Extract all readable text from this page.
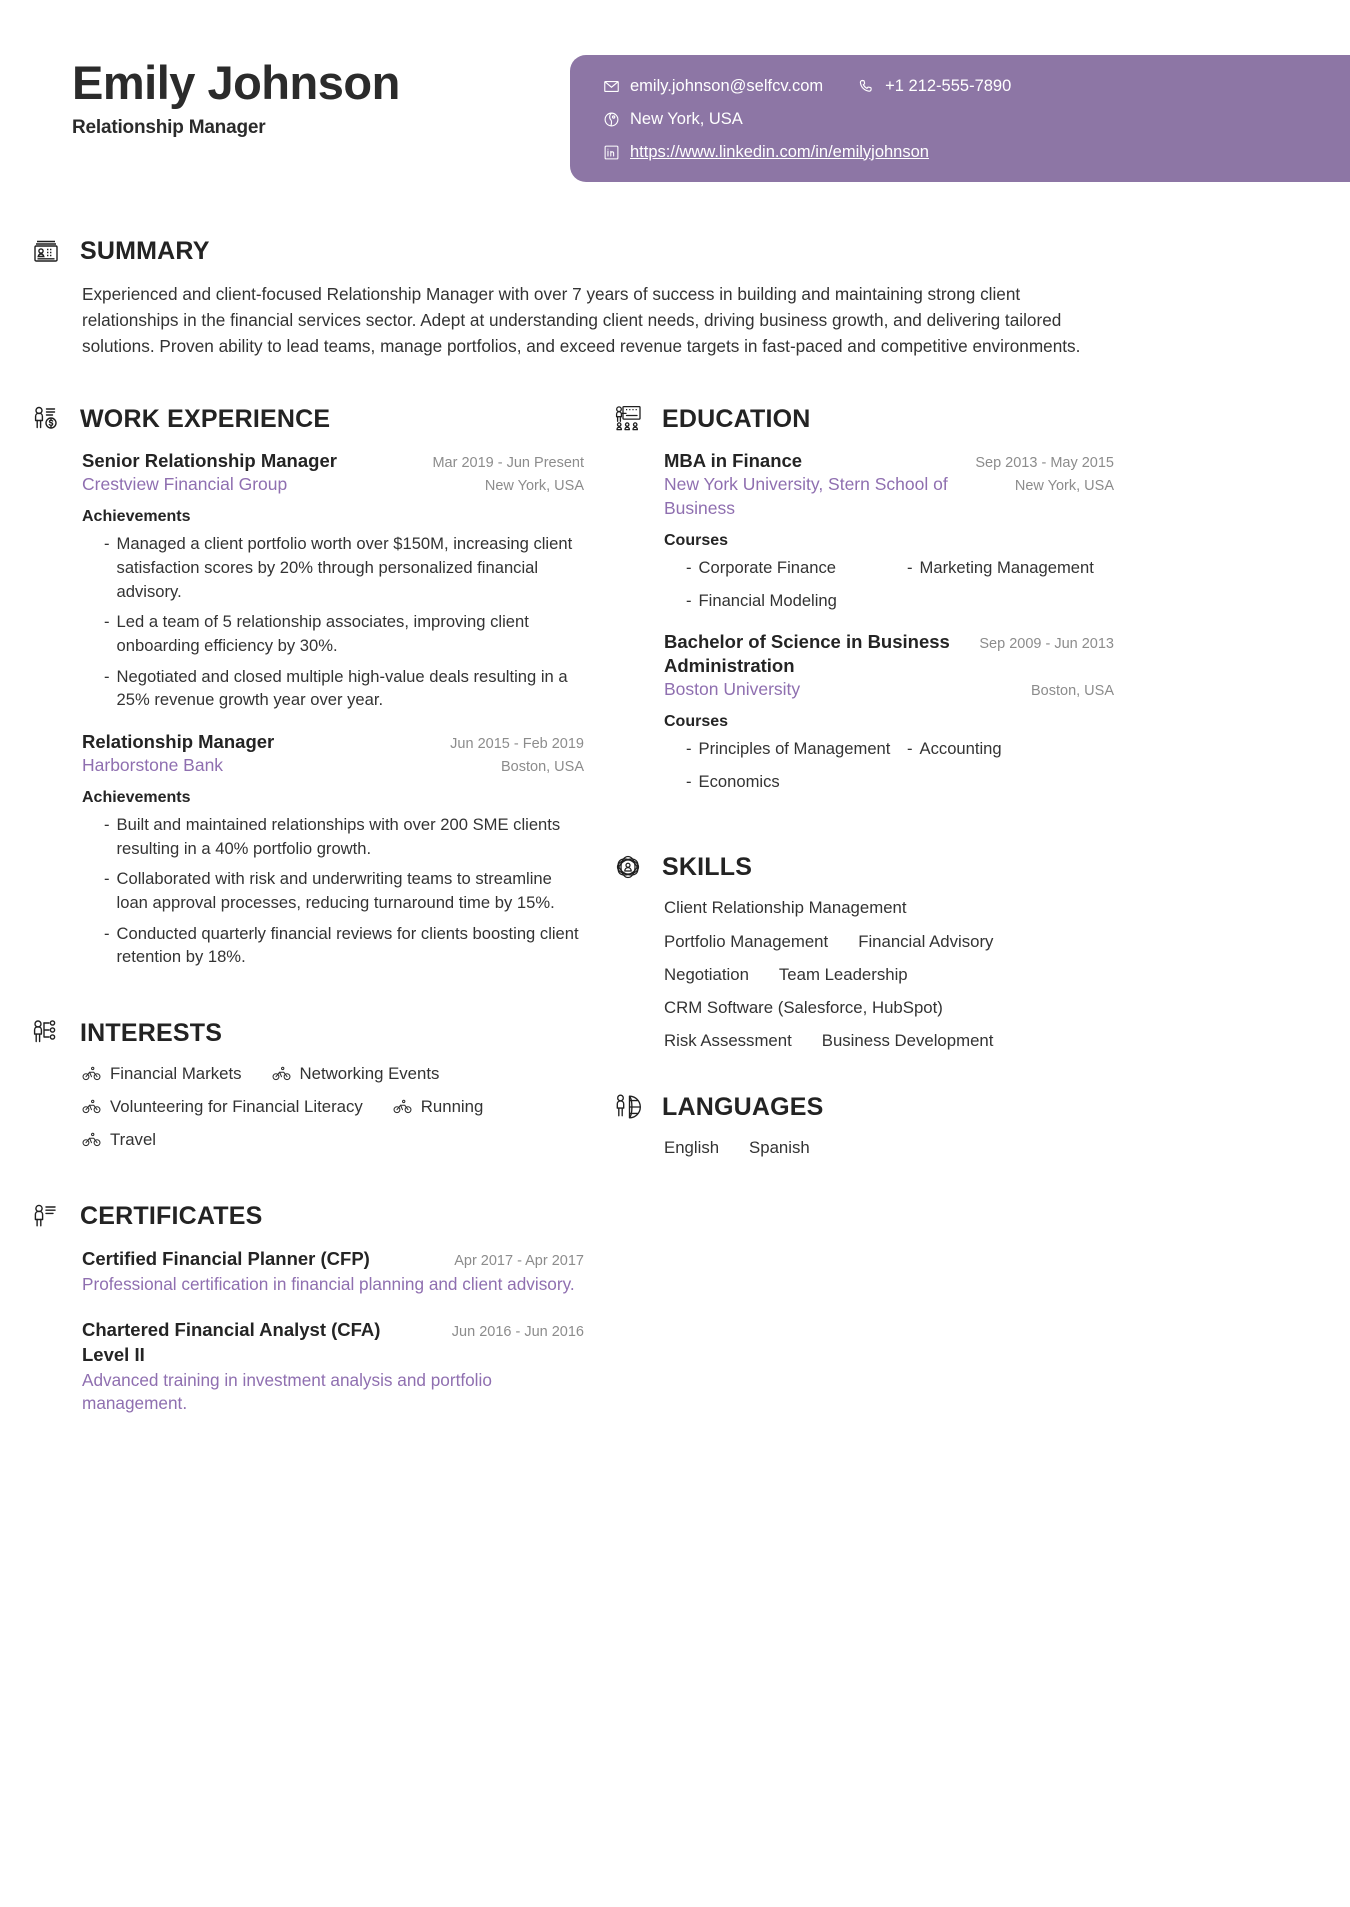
Emily Johnson
Relationship Manager
emily.johnson@selfcv.com	+1 212-555-7890
New York, USA
https://www.linkedin.com/in/emilyjohnson
SUMMARY
Experienced and client-focused Relationship Manager with over 7 years of success in building and maintaining strong client relationships in the financial services sector. Adept at understanding client needs, driving business growth, and delivering tailored solutions. Proven ability to lead teams, manage portfolios, and exceed revenue targets in fast-paced and competitive environments.
WORK EXPERIENCE
Senior Relationship Manager	Mar 2019 - Jun Present
Crestview Financial Group	New York, USA
Achievements
- Managed a client portfolio worth over $150M, increasing client satisfaction scores by 20% through personalized financial advisory.
- Led a team of 5 relationship associates, improving client onboarding efficiency by 30%.
- Negotiated and closed multiple high-value deals resulting in a 25% revenue growth year over year.
Relationship Manager	Jun 2015 - Feb 2019
Harborstone Bank	Boston, USA
Achievements
- Built and maintained relationships with over 200 SME clients resulting in a 40% portfolio growth.
- Collaborated with risk and underwriting teams to streamline loan approval processes, reducing turnaround time by 15%.
- Conducted quarterly financial reviews for clients boosting client retention by 18%.
INTERESTS
Financial Markets	Networking Events
Volunteering for Financial Literacy	Running
Travel
CERTIFICATES
Certified Financial Planner (CFP)	Apr 2017 - Apr 2017
Professional certification in financial planning and client advisory.
Chartered Financial Analyst (CFA) Level II
Jun 2016 - Jun 2016
Advanced training in investment analysis and portfolio management.
EDUCATION
MBA in Finance	Sep 2013 - May 2015
New York University, Stern School of Business
New York, USA
Courses
- Corporate Finance	- Marketing Management
- Financial Modeling
Bachelor of Science in Business Administration
Sep 2009 - Jun 2013
Boston University	Boston, USA
Courses
- Principles of Management - Accounting
- Economics
SKILLS
Client Relationship Management
Portfolio Management Financial Advisory
Negotiation Team Leadership
CRM Software (Salesforce, HubSpot)
Risk Assessment Business Development
LANGUAGES
English Spanish
